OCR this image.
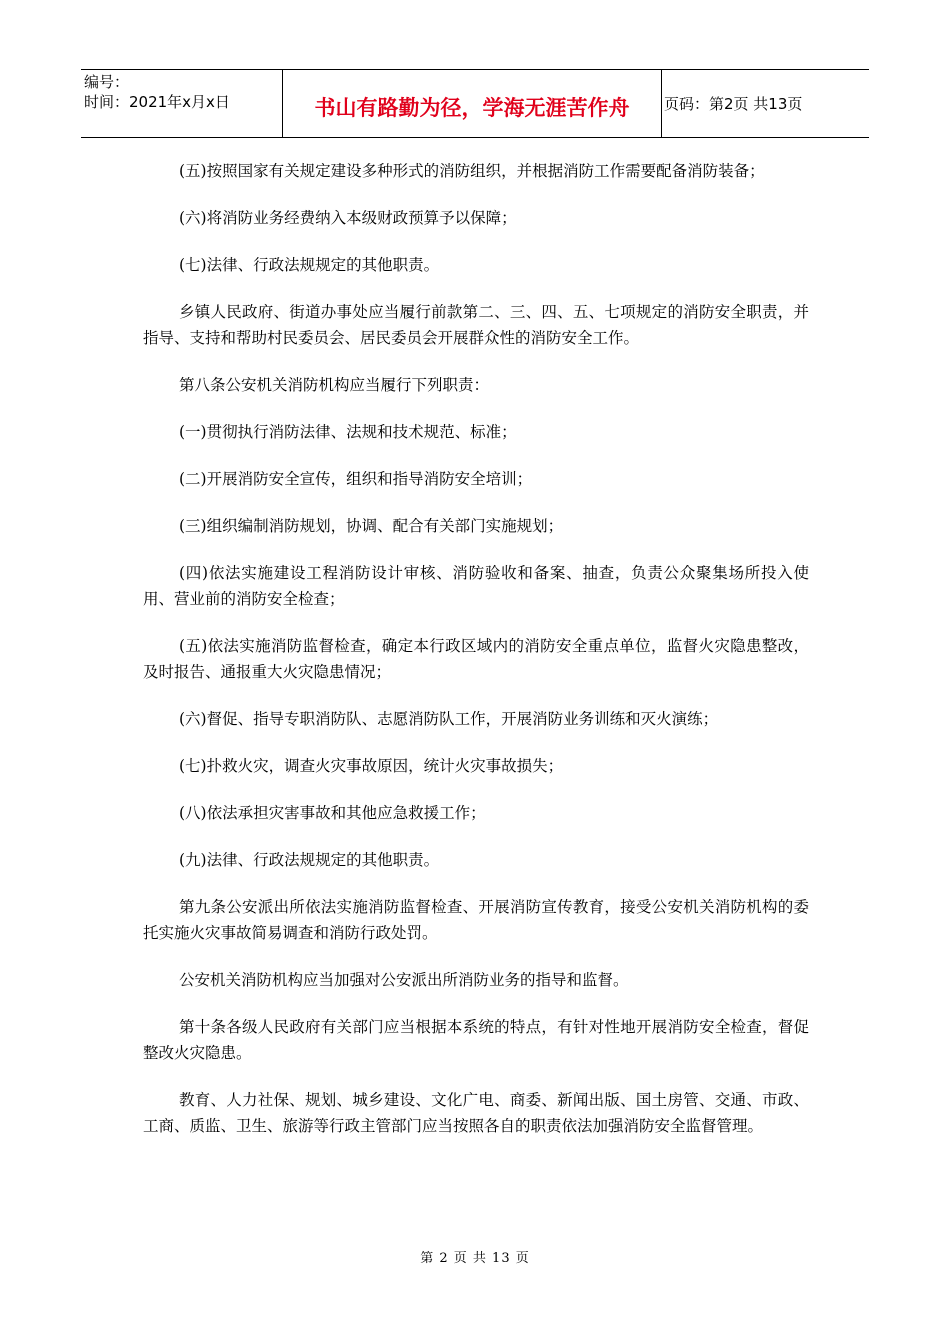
编号：
时间：2021年x月x日	书山有路勤为径，学海无涯苦作舟	页码：第2页 共13页

(五)按照国家有关规定建设多种形式的消防组织，并根据消防工作需要配备消防装备；

(六)将消防业务经费纳入本级财政预算予以保障；

(七)法律、行政法规规定的其他职责。

乡镇人民政府、街道办事处应当履行前款第二、三、四、五、七项规定的消防安全职责，并指导、支持和帮助村民委员会、居民委员会开展群众性的消防安全工作。

第八条公安机关消防机构应当履行下列职责：

(一)贯彻执行消防法律、法规和技术规范、标准；

(二)开展消防安全宣传，组织和指导消防安全培训；

(三)组织编制消防规划，协调、配合有关部门实施规划；

(四)依法实施建设工程消防设计审核、消防验收和备案、抽查，负责公众聚集场所投入使用、营业前的消防安全检查；

(五)依法实施消防监督检查，确定本行政区域内的消防安全重点单位，监督火灾隐患整改，及时报告、通报重大火灾隐患情况；

(六)督促、指导专职消防队、志愿消防队工作，开展消防业务训练和灭火演练；

(七)扑救火灾，调查火灾事故原因，统计火灾事故损失；

(八)依法承担灾害事故和其他应急救援工作；

(九)法律、行政法规规定的其他职责。

第九条公安派出所依法实施消防监督检查、开展消防宣传教育，接受公安机关消防机构的委托实施火灾事故简易调查和消防行政处罚。

公安机关消防机构应当加强对公安派出所消防业务的指导和监督。

第十条各级人民政府有关部门应当根据本系统的特点，有针对性地开展消防安全检查，督促整改火灾隐患。

教育、人力社保、规划、城乡建设、文化广电、商委、新闻出版、国土房管、交通、市政、工商、质监、卫生、旅游等行政主管部门应当按照各自的职责依法加强消防安全监督管理。

第 2 页 共 13 页
